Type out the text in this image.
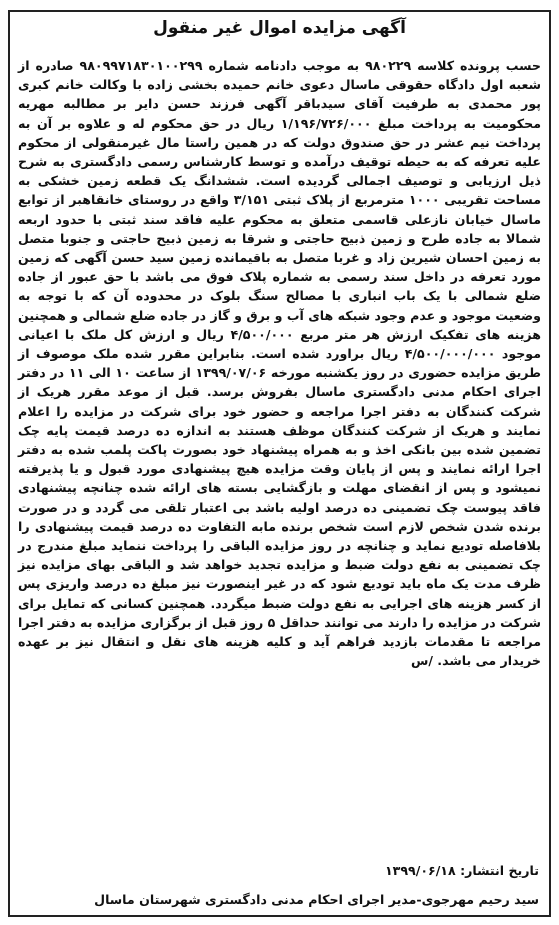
آگهی مزایده اموال غیر منقول
حسب پرونده کلاسه ۹۸۰۲۲۹ به موجب دادنامه شماره ۹۸۰۹۹۷۱۸۳۰۱۰۰۲۹۹ صادره از شعبه اول دادگاه حقوقی ماسال دعوی خانم حمیده بخشی زاده با وکالت خانم کبری پور محمدی به طرفیت آقای سیدباقر آگهی فرزند حسن دایر بر مطالبه مهریه محکومیت به پرداخت مبلغ ۱/۱۹۶/۷۲۶/۰۰۰ ریال در حق محکوم له و علاوه بر آن به پرداخت نیم عشر در حق صندوق دولت که در همین راستا مال غیرمنقولی از محکوم علیه تعرفه که به حیطه توقیف درآمده و توسط کارشناس رسمی دادگستری به شرح ذیل ارزیابی و توصیف اجمالی گردیده است. ششدانگ یک قطعه زمین خشکی به مساحت تقریبی ۱۰۰۰ مترمربع از پلاک ثبتی ۳/۱۵۱ واقع در روستای خانقاهبر از توابع ماسال خیابان نازعلی قاسمی متعلق به محکوم علیه فاقد سند ثبتی با حدود اربعه شمالا به جاده طرح و زمین ذبیح حاجتی و شرقا به زمین ذبیح حاجتی و جنوبا متصل به زمین احسان شیرین زاد و غربا متصل به باقیمانده زمین سید حسن آگهی که زمین مورد تعرفه در داخل سند رسمی به شماره پلاک فوق می باشد با حق عبور از جاده ضلع شمالی با یک باب انباری با مصالح سنگ بلوک در محدوده آن که با توجه به وضعیت موجود و عدم وجود شبکه های آب و برق و گاز در جاده ضلع شمالی و همچنین هزینه های تفکیک ارزش هر متر مربع ۴/۵۰۰/۰۰۰ ریال و ارزش کل ملک با اعیانی موجود ۴/۵۰۰/۰۰۰/۰۰۰ ریال براورد شده است. بنابراین مقرر شده ملک موصوف از طریق مزایده حضوری در روز یکشنبه مورخه ۱۳۹۹/۰۷/۰۶ از ساعت ۱۰ الی ۱۱ در دفتر اجرای احکام مدنی دادگستری ماسال بفروش برسد. قبل از موعد مقرر هریک از شرکت کنندگان به دفتر اجرا مراجعه و حضور خود برای شرکت در مزایده را اعلام نمایند و هریک از شرکت کنندگان موظف هستند به اندازه ده درصد قیمت پایه چک تضمین شده بین بانکی اخذ و به همراه پیشنهاد خود بصورت پاکت پلمب شده به دفتر اجرا ارائه نمایند و پس از پایان وقت مزایده هیچ پیشنهادی مورد قبول و یا پذیرفته نمیشود و پس از انقضای مهلت و بازگشایی بسته های ارائه شده چنانچه پیشنهادی فاقد پیوست چک تضمینی ده درصد اولیه باشد بی اعتبار تلقی می گردد و در صورت برنده شدن شخص لازم است شخص برنده مابه التفاوت ده درصد قیمت پیشنهادی را بلافاصله تودیع نماید و چنانچه در روز مزایده الباقی را پرداخت ننماید مبلغ مندرج در چک تضمینی به نفع دولت ضبط و مزایده تجدید خواهد شد و الباقی بهای مزایده نیز ظرف مدت یک ماه باید تودیع شود که در غیر اینصورت نیز مبلغ ده درصد واریزی پس از کسر هزینه های اجرایی به نفع دولت ضبط میگردد. همچنین کسانی که تمایل برای شرکت در مزایده را دارند می توانند حداقل ۵ روز قبل از برگزاری مزایده به دفتر اجرا مراجعه تا مقدمات بازدید فراهم آید و کلیه هزینه های نقل و انتقال نیز بر عهده خریدار می باشد. /س
تاریخ انتشار: ۱۳۹۹/۰۶/۱۸
سید رحیم مهرجوی-مدیر اجرای احکام مدنی دادگستری شهرستان ماسال
